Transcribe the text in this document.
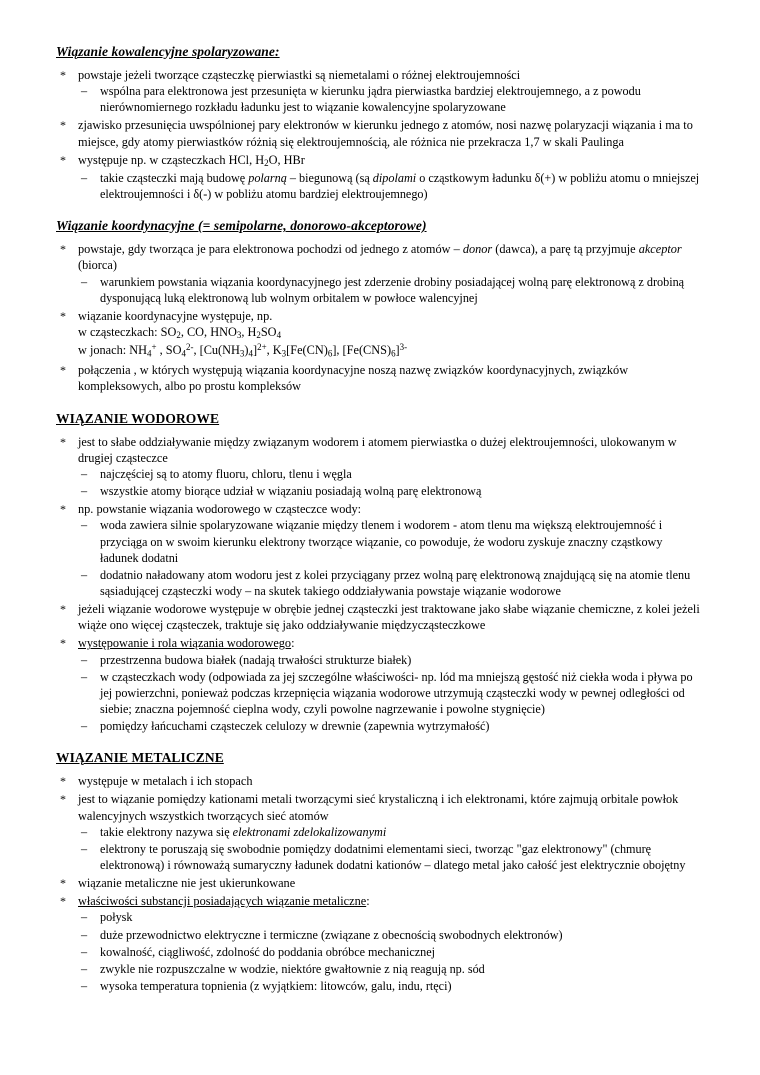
Wiązanie kowalencyjne spolaryzowane:
* powstaje jeżeli tworzące cząsteczkę pierwiastki są niemetalami o różnej elektroujemności
– wspólna para elektronowa jest przesunięta w kierunku jądra pierwiastka bardziej elektroujemnego, a z powodu nierównomiernego rozkładu ładunku jest to wiązanie kowalencyjne spolaryzowane
* zjawisko przesunięcia uwspólnionej pary elektronów w kierunku jednego z atomów, nosi nazwę polaryzacji wiązania i ma to miejsce, gdy atomy pierwiastków różnią się elektroujemnością, ale różnica nie przekracza 1,7 w skali Paulinga
* występuje np. w cząsteczkach HCl, $H_2O$, HBr
– takie cząsteczki mają budowę polarną – biegunową (są dipolami o cząstkowym ładunku δ(+) w pobliżu atomu o mniejszej elektroujemności i δ(-) w pobliżu atomu bardziej elektroujemnego)
Wiązanie koordynacyjne (= semipolarne, donorowo-akceptorowe)
* powstaje, gdy tworząca je para elektronowa pochodzi od jednego z atomów – donor (dawca), a parę tą przyjmuje akceptor (biorca)
– warunkiem powstania wiązania koordynacyjnego jest zderzenie drobiny posiadającej wolną parę elektronową z drobiną dysponującą luką elektronową lub wolnym orbitalem w powłoce walencyjnej
* wiązanie koordynacyjne występuje, np.
w cząsteczkach: $SO_2$, CO, $HNO_3$, $H_2SO_4$
w jonach: $NH_4^+$ , $SO_4^{2-}$, $[Cu(NH_3)_4]^{2+}$, $K_3[Fe(CN)_6]$, $[Fe(CNS)_6]^{3-}$
* połączenia , w których występują wiązania koordynacyjne noszą nazwę związków koordynacyjnych, związków kompleksowych, albo po prostu kompleksów
WIĄZANIE WODOROWE
* jest to słabe oddziaływanie między związanym wodorem i atomem pierwiastka o dużej elektroujemności, ulokowanym w drugiej cząsteczce
– najczęściej są to atomy fluoru, chloru, tlenu i węgla
– wszystkie atomy biorące udział w wiązaniu posiadają wolną parę elektronową
* np. powstanie wiązania wodorowego w cząsteczce wody:
– woda zawiera silnie spolaryzowane wiązanie między tlenem i wodorem - atom tlenu ma większą elektroujemność i przyciąga on w swoim kierunku elektrony tworzące wiązanie, co powoduje, że wodoru zyskuje znaczny cząstkowy ładunek dodatni
– dodatnio naładowany atom wodoru jest z kolei przyciągany przez wolną parę elektronową znajdującą się na atomie tlenu sąsiadującej cząsteczki wody – na skutek takiego oddziaływania powstaje wiązanie wodorowe
* jeżeli wiązanie wodorowe występuje w obrębie jednej cząsteczki jest traktowane jako słabe wiązanie chemiczne, z kolei jeżeli wiąże ono więcej cząsteczek, traktuje się jako oddziaływanie międzycząsteczkowe
* występowanie i rola wiązania wodorowego:
– przestrzenna budowa białek (nadają trwałości strukturze białek)
– w cząsteczkach wody (odpowiada za jej szczególne właściwości- np. lód ma mniejszą gęstość niż ciekła woda i pływa po jej powierzchni, ponieważ podczas krzepnięcia wiązania wodorowe utrzymują cząsteczki wody w pewnej odległości od siebie; znaczna pojemność cieplna wody, czyli powolne nagrzewanie i powolne stygnięcie)
– pomiędzy łańcuchami cząsteczek celulozy w drewnie (zapewnia wytrzymałość)
WIĄZANIE METALICZNE
* występuje w metalach i ich stopach
* jest to wiązanie pomiędzy kationami metali tworzącymi sieć krystaliczną i ich elektronami, które zajmują orbitale powłok walencyjnych wszystkich tworzących sieć atomów
– takie elektrony nazywa się elektronami zdelokalizowanymi
– elektrony te poruszają się swobodnie pomiędzy dodatnimi elementami sieci, tworząc "gaz elektronowy" (chmurę elektronową) i równoważą sumaryczny ładunek dodatni kationów – dlatego metal jako całość jest elektrycznie obojętny
* wiązanie metaliczne nie jest ukierunkowane
* właściwości substancji posiadających wiązanie metaliczne:
– połysk
– duże przewodnictwo elektryczne i termiczne (związane z obecnością swobodnych elektronów)
– kowalność, ciągliwość, zdolność do poddania obróbce mechanicznej
– zwykle nie rozpuszczalne w wodzie, niektóre gwałtownie z nią reagują np. sód
– wysoka temperatura topnienia (z wyjątkiem: litowców, galu, indu, rtęci)
